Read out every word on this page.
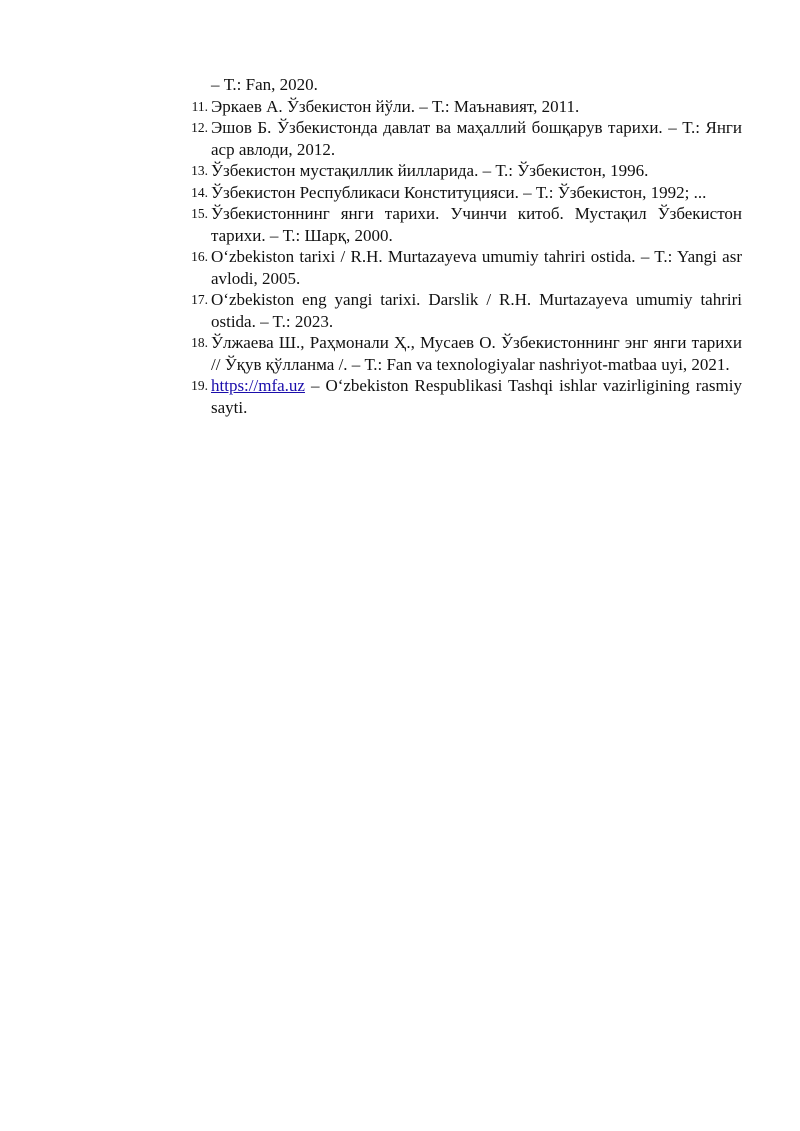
– Т.: Fan, 2020.

11. Эркаев А. Ўзбекистон йўли. – Т.: Маънавият, 2011.
12. Эшов Б. Ўзбекистонда давлат ва маҳаллий бошқарув тарихи. – Т.: Янги аср авлоди, 2012.
13. Ўзбекистон мустақиллик йилларида. – Т.: Ўзбекистон, 1996.
14. Ўзбекистон Республикаси Конституцияси. – Т.: Ўзбекистон, 1992; ...
15. Ўзбекистоннинг янги тарихи. Учинчи китоб. Мустақил Ўзбекистон тарихи. – Т.: Шарқ, 2000.
16. Oʻzbekiston tarixi / R.H. Murtazayeva umumiy tahriri ostida. – T.: Yangi asr avlodi, 2005.
17. Oʻzbekiston eng yangi tarixi. Darslik / R.H. Murtazayeva umumiy tahriri ostida. – T.: 2023.
18. Ўлжаева Ш., Раҳмонали Ҳ., Мусаев О. Ўзбекистоннинг энг янги тарихи // Ўқув қўлланма /. – Т.: Fan va texnologiyalar nashriyot-matbaa uyi, 2021.
19. https://mfa.uz – Oʻzbekiston Respublikasi Tashqi ishlar vazirligining rasmiy sayti.
